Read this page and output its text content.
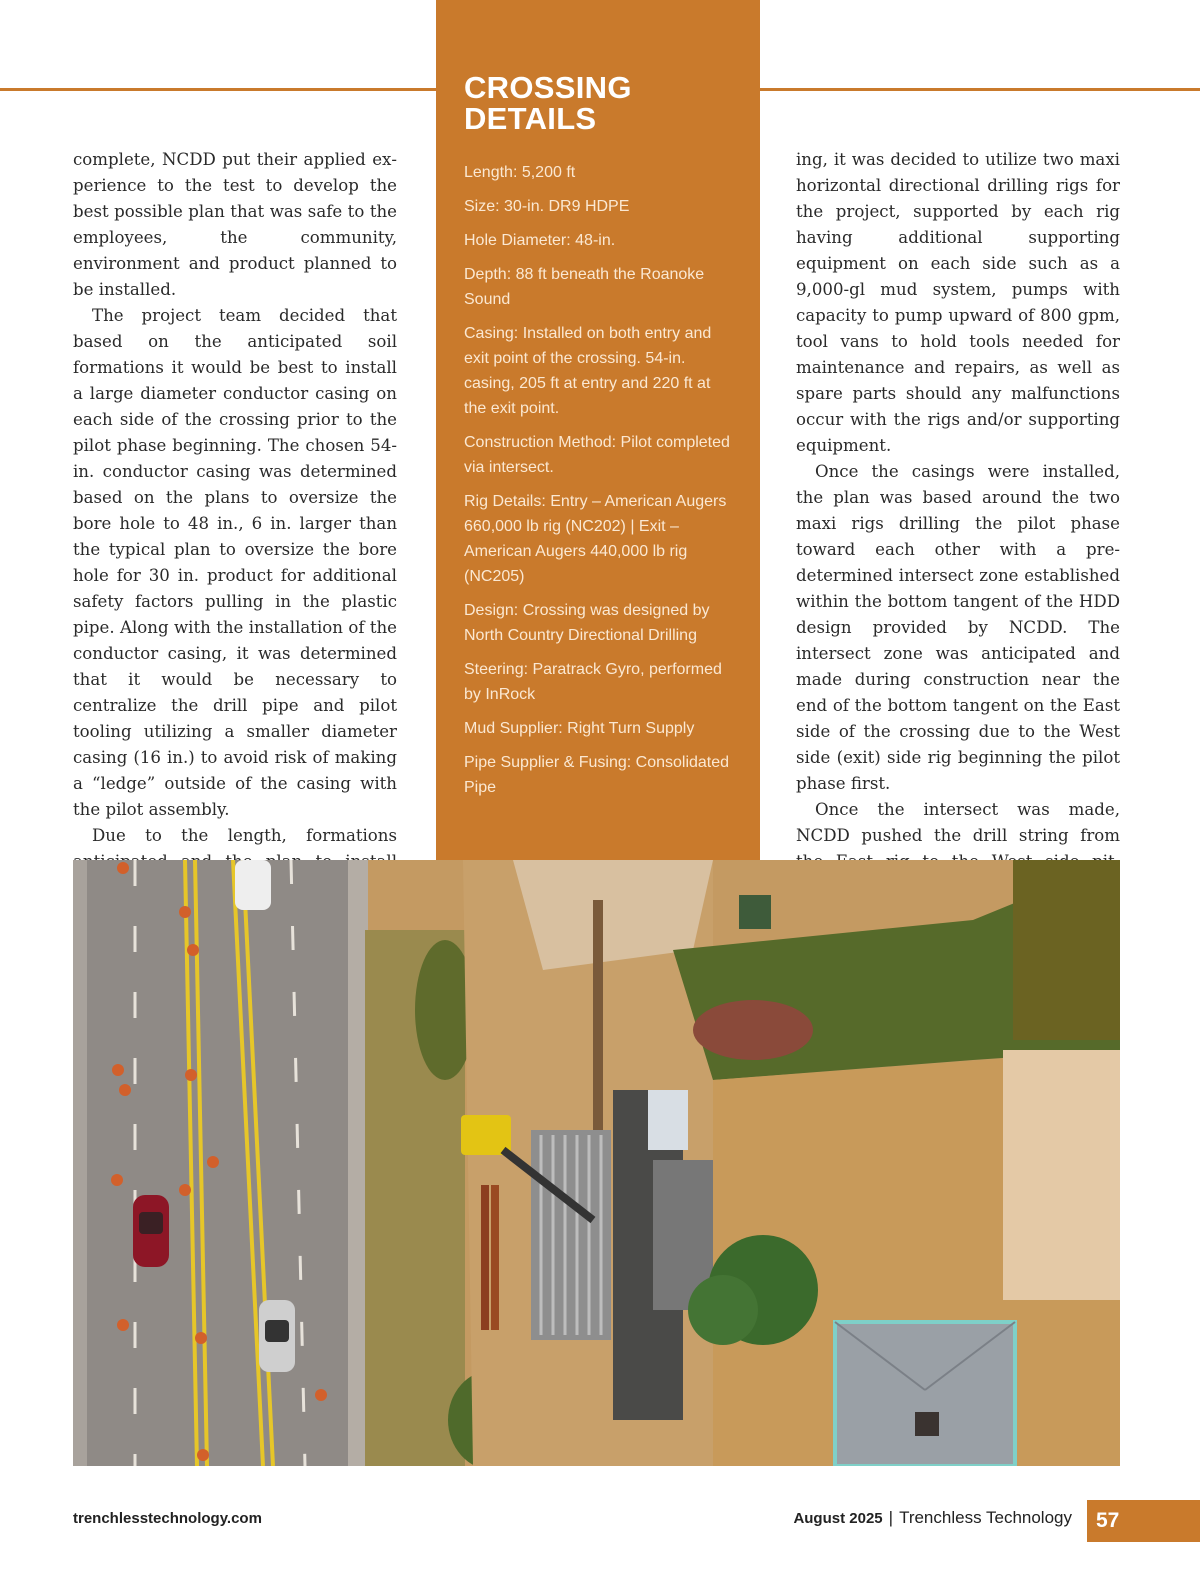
CROSSING
DETAILS

Length: 5,200 ft

Size: 30-in. DR9 HDPE

Hole Diameter: 48-in.

Depth: 88 ft beneath the Roanoke Sound

Casing: Installed on both entry and exit point of the crossing. 54-in. casing, 205 ft at entry and 220 ft at the exit point.

Construction Method: Pilot completed via intersect.

Rig Details: Entry – American Augers 660,000 lb rig (NC202) | Exit – American Augers 440,000 lb rig (NC205)

Design: Crossing was designed by North Country Directional Drilling

Steering: Paratrack Gyro, performed by InRock

Mud Supplier: Right Turn Supply

Pipe Supplier & Fusing: Consolidated Pipe

complete, NCDD put their applied experience to the test to develop the best possible plan that was safe to the employees, the community, environment and product planned to be installed.

The project team decided that based on the anticipated soil formations it would be best to install a large diameter conductor casing on each side of the crossing prior to the pilot phase beginning. The chosen 54-in. conductor casing was determined based on the plans to oversize the bore hole to 48 in., 6 in. larger than the typical plan to oversize the bore hole for 30 in. product for additional safety factors pulling in the plastic pipe. Along with the installation of the conductor casing, it was determined that it would be necessary to centralize the drill pipe and pilot tooling utilizing a smaller diameter casing (16 in.) to avoid risk of making a “ledge” outside of the casing with the pilot assembly.

Due to the length, formations

ing, it was decided to utilize two maxi horizontal directional drilling rigs for the project, supported by each rig having additional supporting equipment on each side such as a 9,000-gl mud system, pumps with capacity to pump upward of 800 gpm, tool vans to hold tools needed for maintenance and repairs, as well as spare parts should any malfunctions occur with the rigs and/or supporting equipment.

Once the casings were installed, the plan was based around the two maxi rigs drilling the pilot phase toward each other with a pre-determined intersect zone established within the bottom tangent of the HDD design provided by NCDD. The intersect zone was anticipated and made during construction near the end of the bottom tangent on the East side of the crossing due to the West side (exit) side rig beginning the pilot phase first.

Once the intersect was made, NCDD pushed the drill string from

trenchlesstechnology.com	August 2025 | Trenchless Technology	57
